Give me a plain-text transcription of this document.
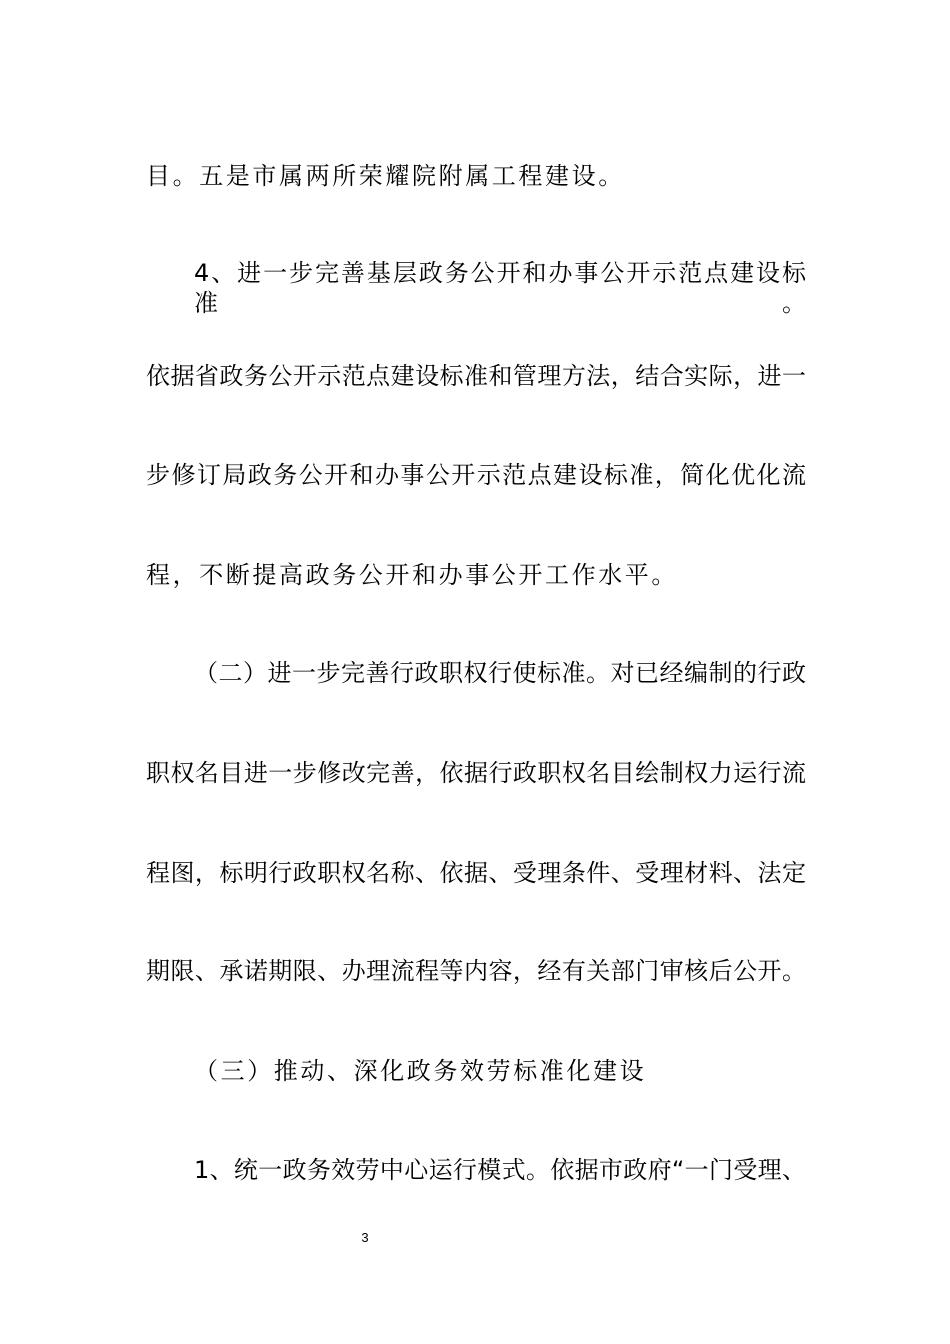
目。五是市属两所荣耀院附属工程建设。

4、进一步完善基层政务公开和办事公开示范点建设标准。

依据省政务公开示范点建设标准和管理方法，结合实际，进一

步修订局政务公开和办事公开示范点建设标准，简化优化流

程，不断提高政务公开和办事公开工作水平。

（二）进一步完善行政职权行使标准。对已经编制的行政

职权名目进一步修改完善，依据行政职权名目绘制权力运行流

程图，标明行政职权名称、依据、受理条件、受理材料、法定

期限、承诺期限、办理流程等内容，经有关部门审核后公开。

（三）推动、深化政务效劳标准化建设

1、统一政务效劳中心运行模式。依据市政府“一门受理、

3
